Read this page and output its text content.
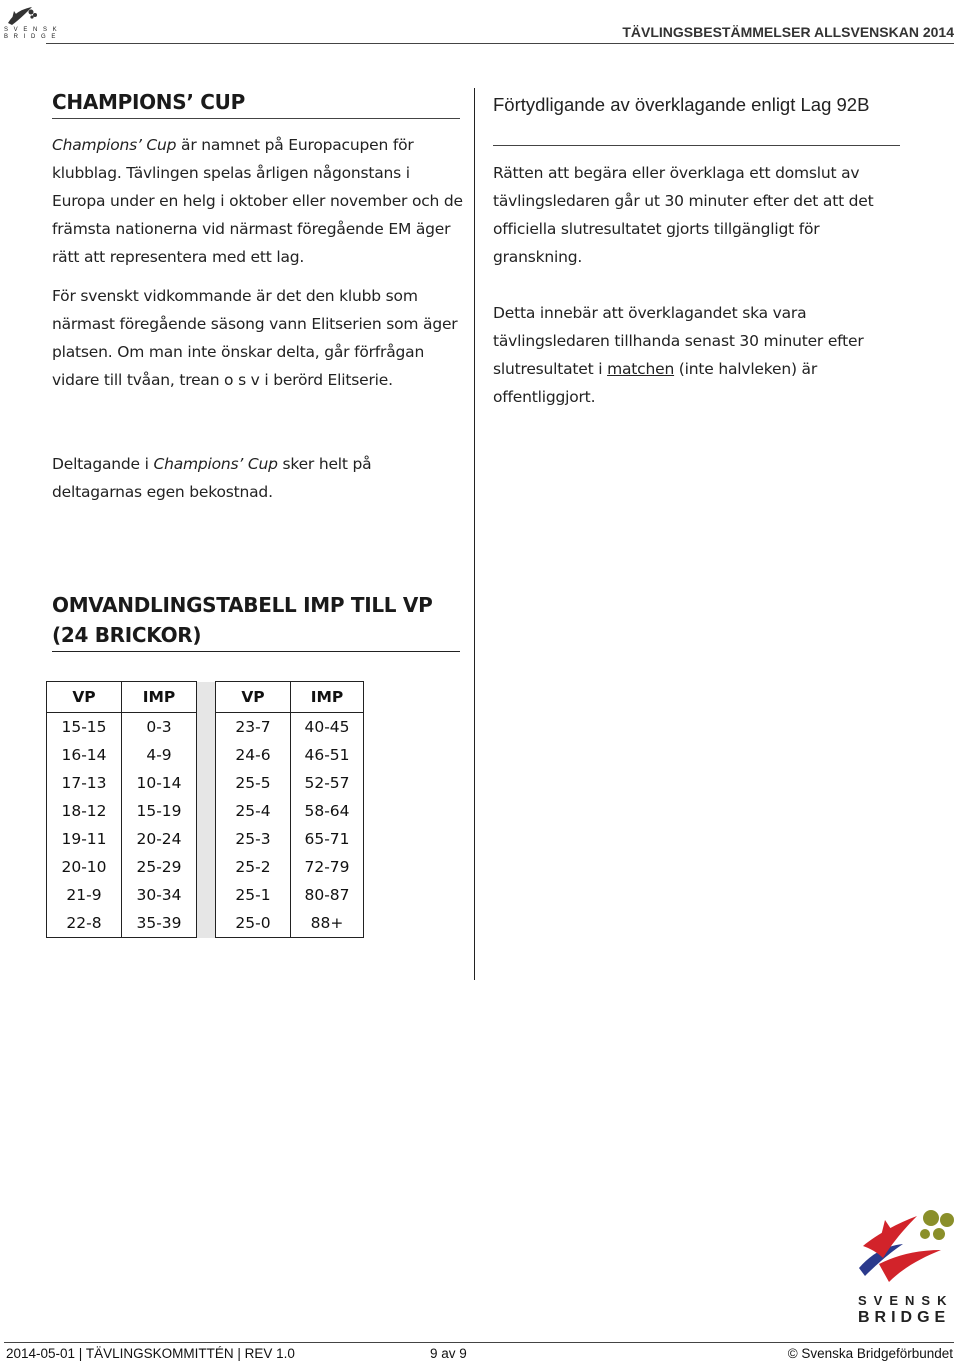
S V E N S K
B R I D G E	TÄVLINGSBESTÄMMELSER ALLSVENSKAN 2014
CHAMPIONS’ CUP
Champions’ Cup är namnet på Europacupen för klubblag. Tävlingen spelas årligen någonstans i Europa under en helg i oktober eller november och de främsta nationerna vid närmast föregående EM äger rätt att representera med ett lag.
För svenskt vidkommande är det den klubb som närmast föregående säsong vann Elitserien som äger platsen. Om man inte önskar delta, går förfrågan vidare till tvåan, trean o s v i berörd Elitserie.
Deltagande i Champions’ Cup sker helt på deltagarnas egen bekostnad.
OMVANDLINGSTABELL IMP TILL VP (24 BRICKOR)
VP	IMP		VP	IMP
15-15	0-3		23-7	40-45
16-14	4-9		24-6	46-51
17-13	10-14		25-5	52-57
18-12	15-19		25-4	58-64
19-11	20-24		25-3	65-71
20-10	25-29		25-2	72-79
21-9	30-34		25-1	80-87
22-8	35-39		25-0	88+
Förtydligande av överklagande enligt Lag 92B
Rätten att begära eller överklaga ett domslut av tävlingsledaren går ut 30 minuter efter det att det officiella slutresultatet gjorts tillgängligt för granskning.
Detta innebär att överklagandet ska vara tävlingsledaren tillhanda senast 30 minuter efter slutresultatet i matchen (inte halvleken) är offentliggjort.
SVENSK
BRIDGE
2014-05-01 | TÄVLINGSKOMMITTÉN | REV 1.0	9 av 9	© Svenska Bridgeförbundet
